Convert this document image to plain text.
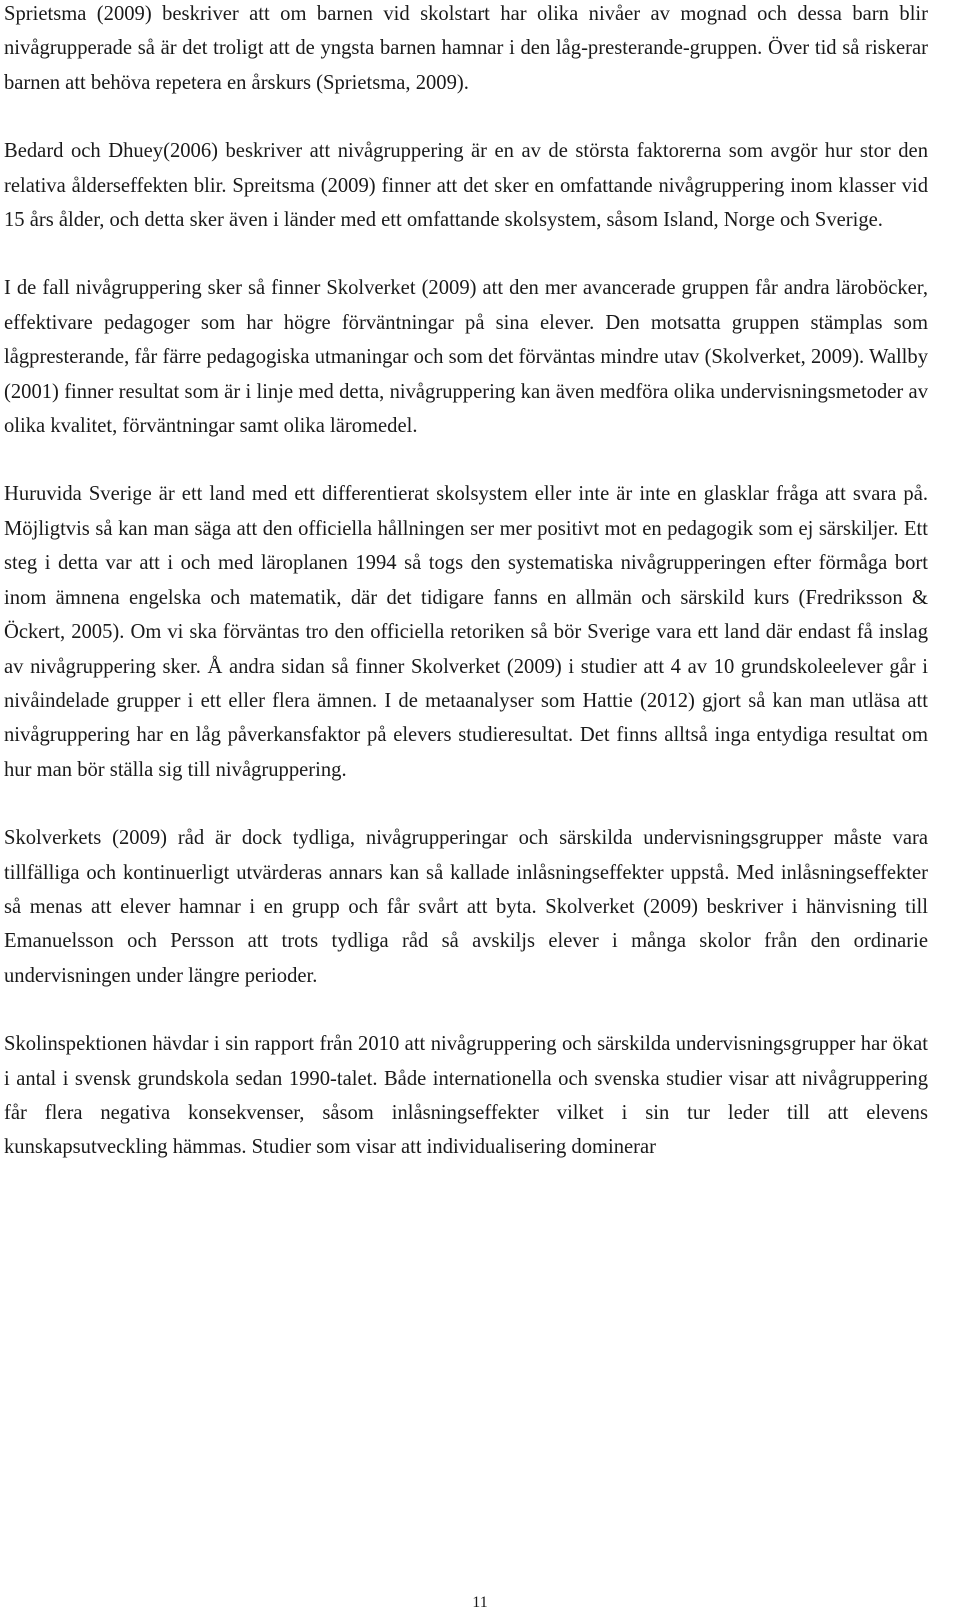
Sprietsma (2009) beskriver att om barnen vid skolstart har olika nivåer av mognad och dessa barn blir nivågrupperade så är det troligt att de yngsta barnen hamnar i den låg-presterande-gruppen. Över tid så riskerar barnen att behöva repetera en årskurs (Sprietsma, 2009).

Bedard och Dhuey(2006) beskriver att nivågruppering är en av de största faktorerna som avgör hur stor den relativa ålderseffekten blir. Spreitsma (2009) finner att det sker en omfattande nivågruppering inom klasser vid 15 års ålder, och detta sker även i länder med ett omfattande skolsystem, såsom Island, Norge och Sverige.

I de fall nivågruppering sker så finner Skolverket (2009) att den mer avancerade gruppen får andra läroböcker, effektivare pedagoger som har högre förväntningar på sina elever. Den motsatta gruppen stämplas som lågpresterande, får färre pedagogiska utmaningar och som det förväntas mindre utav (Skolverket, 2009). Wallby (2001) finner resultat som är i linje med detta, nivågruppering kan även medföra olika undervisningsmetoder av olika kvalitet, förväntningar samt olika läromedel.

Huruvida Sverige är ett land med ett differentierat skolsystem eller inte är inte en glasklar fråga att svara på. Möjligtvis så kan man säga att den officiella hållningen ser mer positivt mot en pedagogik som ej särskiljer. Ett steg i detta var att i och med läroplanen 1994 så togs den systematiska nivågrupperingen efter förmåga bort inom ämnena engelska och matematik, där det tidigare fanns en allmän och särskild kurs (Fredriksson & Öckert, 2005). Om vi ska förväntas tro den officiella retoriken så bör Sverige vara ett land där endast få inslag av nivågruppering sker. Å andra sidan så finner Skolverket (2009) i studier att 4 av 10 grundskoleelever går i nivåindelade grupper i ett eller flera ämnen. I de metaanalyser som Hattie (2012) gjort så kan man utläsa att nivågruppering har en låg påverkansfaktor på elevers studieresultat. Det finns alltså inga entydiga resultat om hur man bör ställa sig till nivågruppering.

Skolverkets (2009) råd är dock tydliga, nivågrupperingar och särskilda undervisningsgrupper måste vara tillfälliga och kontinuerligt utvärderas annars kan så kallade inlåsningseffekter uppstå. Med inlåsningseffekter så menas att elever hamnar i en grupp och får svårt att byta. Skolverket (2009) beskriver i hänvisning till Emanuelsson och Persson att trots tydliga råd så avskiljs elever i många skolor från den ordinarie undervisningen under längre perioder.

Skolinspektionen hävdar i sin rapport från 2010 att nivågruppering och särskilda undervisningsgrupper har ökat i antal i svensk grundskola sedan 1990-talet. Både internationella och svenska studier visar att nivågruppering får flera negativa konsekvenser, såsom inlåsningseffekter vilket i sin tur leder till att elevens kunskapsutveckling hämmas. Studier som visar att individualisering dominerar

11
